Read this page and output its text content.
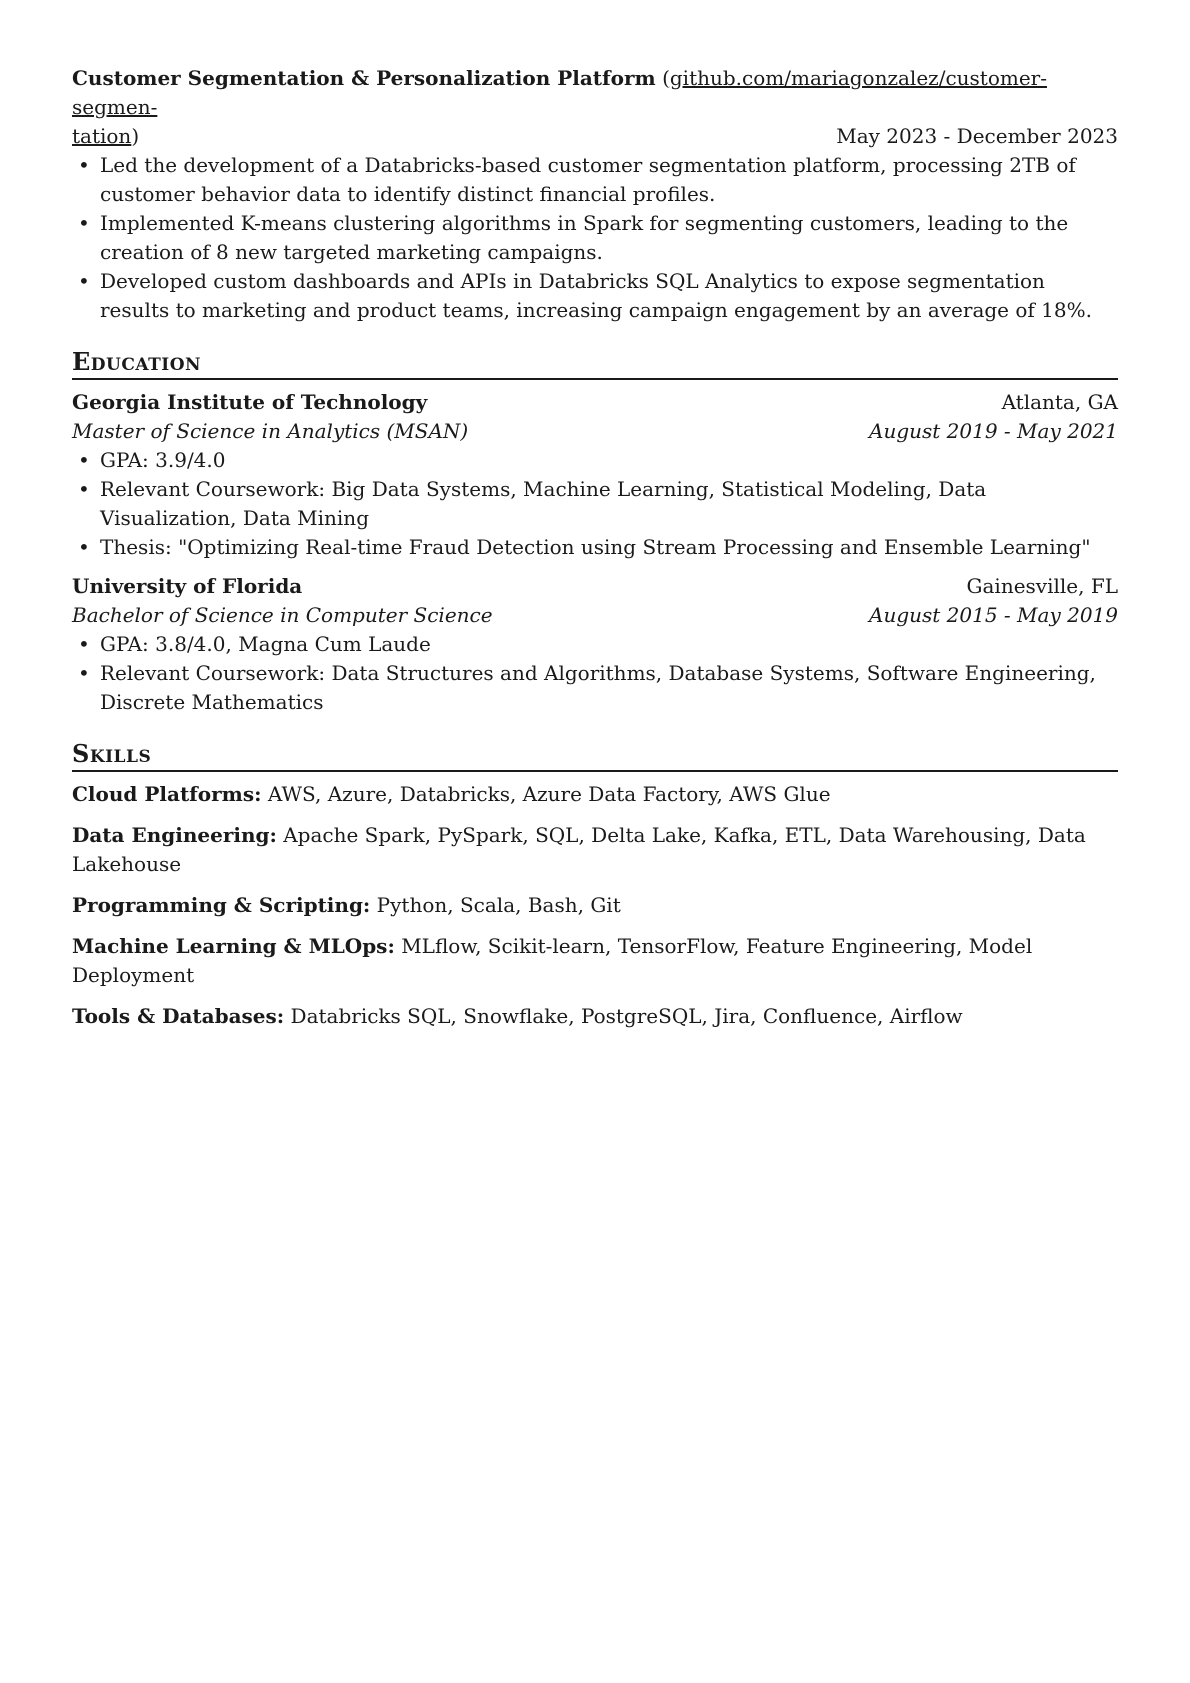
Customer Segmentation & Personalization Platform (github.com/mariagonzalez/customer-segmen-
tation)	May 2023 - December 2023
• Led the development of a Databricks-based customer segmentation platform, processing 2TB of customer behavior data to identify distinct financial profiles.
• Implemented K-means clustering algorithms in Spark for segmenting customers, leading to the creation of 8 new targeted marketing campaigns.
• Developed custom dashboards and APIs in Databricks SQL Analytics to expose segmentation results to marketing and product teams, increasing campaign engagement by an average of 18%.
Education
Georgia Institute of Technology	Atlanta, GA
Master of Science in Analytics (MSAN)	August 2019 - May 2021
• GPA: 3.9/4.0
• Relevant Coursework: Big Data Systems, Machine Learning, Statistical Modeling, Data Visualization, Data Mining
• Thesis: "Optimizing Real-time Fraud Detection using Stream Processing and Ensemble Learning"
University of Florida	Gainesville, FL
Bachelor of Science in Computer Science	August 2015 - May 2019
• GPA: 3.8/4.0, Magna Cum Laude
• Relevant Coursework: Data Structures and Algorithms, Database Systems, Software Engineering, Discrete Mathematics
Skills
Cloud Platforms: AWS, Azure, Databricks, Azure Data Factory, AWS Glue
Data Engineering: Apache Spark, PySpark, SQL, Delta Lake, Kafka, ETL, Data Warehousing, Data Lakehouse
Programming & Scripting: Python, Scala, Bash, Git
Machine Learning & MLOps: MLflow, Scikit-learn, TensorFlow, Feature Engineering, Model Deployment
Tools & Databases: Databricks SQL, Snowflake, PostgreSQL, Jira, Confluence, Airflow
